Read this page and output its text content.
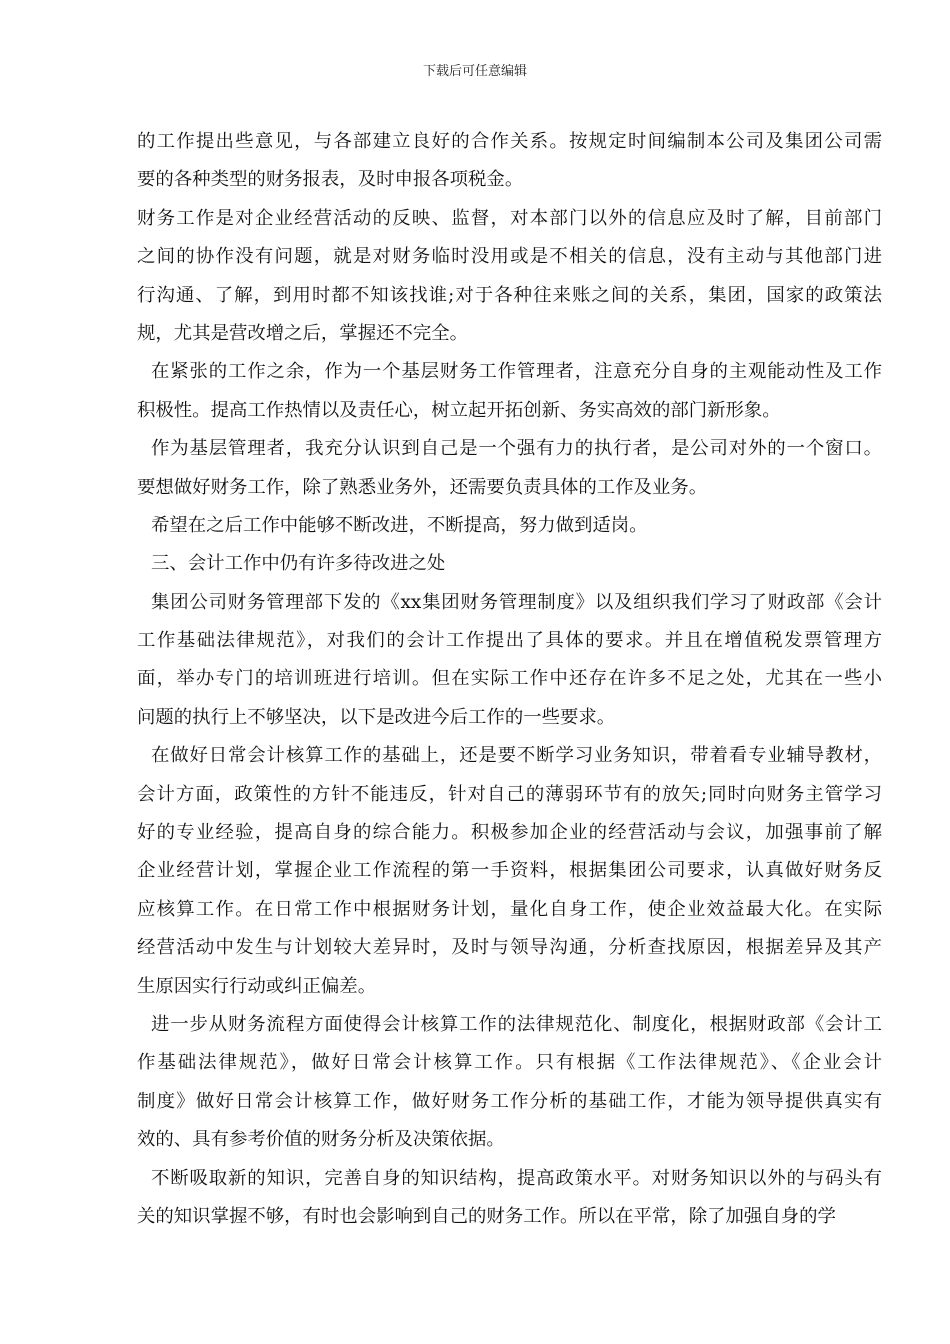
下载后可任意编辑
的工作提出些意见，与各部建立良好的合作关系。按规定时间编制本公司及集团公司需
要的各种类型的财务报表，及时申报各项税金。
财务工作是对企业经营活动的反映、监督，对本部门以外的信息应及时了解，目前部门
之间的协作没有问题，就是对财务临时没用或是不相关的信息，没有主动与其他部门进
行沟通、了解，到用时都不知该找谁;对于各种往来账之间的关系，集团，国家的政策法
规，尤其是营改增之后，掌握还不完全。
在紧张的工作之余，作为一个基层财务工作管理者，注意充分自身的主观能动性及工作
积极性。提高工作热情以及责任心，树立起开拓创新、务实高效的部门新形象。
作为基层管理者，我充分认识到自己是一个强有力的执行者，是公司对外的一个窗口。
要想做好财务工作，除了熟悉业务外，还需要负责具体的工作及业务。
希望在之后工作中能够不断改进，不断提高，努力做到适岗。
三、会计工作中仍有许多待改进之处
集团公司财务管理部下发的《xx集团财务管理制度》以及组织我们学习了财政部《会计
工作基础法律规范》，对我们的会计工作提出了具体的要求。并且在增值税发票管理方
面，举办专门的培训班进行培训。但在实际工作中还存在许多不足之处，尤其在一些小
问题的执行上不够坚决，以下是改进今后工作的一些要求。
在做好日常会计核算工作的基础上，还是要不断学习业务知识，带着看专业辅导教材，
会计方面，政策性的方针不能违反，针对自己的薄弱环节有的放矢;同时向财务主管学习
好的专业经验，提高自身的综合能力。积极参加企业的经营活动与会议，加强事前了解
企业经营计划，掌握企业工作流程的第一手资料，根据集团公司要求，认真做好财务反
应核算工作。在日常工作中根据财务计划，量化自身工作，使企业效益最大化。在实际
经营活动中发生与计划较大差异时，及时与领导沟通，分析查找原因，根据差异及其产
生原因实行行动或纠正偏差。
进一步从财务流程方面使得会计核算工作的法律规范化、制度化，根据财政部《会计工
作基础法律规范》，做好日常会计核算工作。只有根据《工作法律规范》、《企业会计
制度》做好日常会计核算工作，做好财务工作分析的基础工作，才能为领导提供真实有
效的、具有参考价值的财务分析及决策依据。
不断吸取新的知识，完善自身的知识结构，提高政策水平。对财务知识以外的与码头有
关的知识掌握不够，有时也会影响到自己的财务工作。所以在平常，除了加强自身的学
